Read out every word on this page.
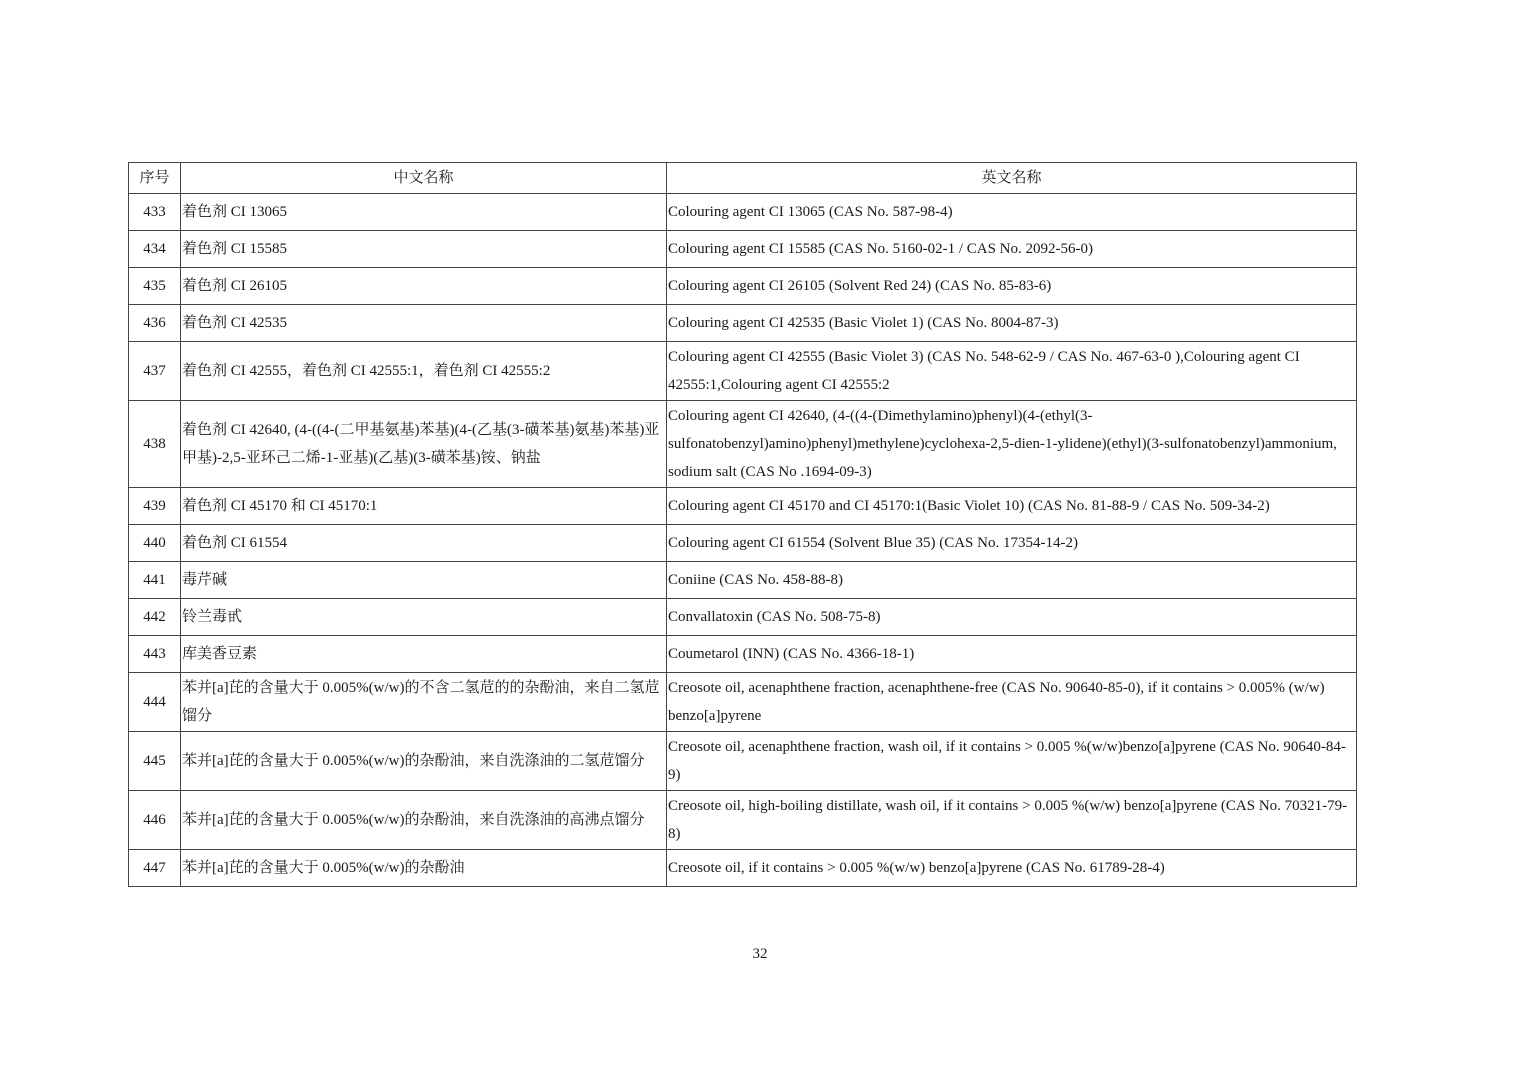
序号	中文名称	英文名称
433	着色剂 CI 13065	Colouring agent CI 13065 (CAS No. 587-98-4)
434	着色剂 CI 15585	Colouring agent CI 15585 (CAS No. 5160-02-1 / CAS No. 2092-56-0)
435	着色剂 CI 26105	Colouring agent CI 26105 (Solvent Red 24) (CAS No. 85-83-6)
436	着色剂 CI 42535	Colouring agent CI 42535 (Basic Violet 1) (CAS No. 8004-87-3)
437	着色剂 CI 42555，着色剂 CI 42555:1，着色剂 CI 42555:2	Colouring agent CI 42555 (Basic Violet 3) (CAS No. 548-62-9 / CAS No. 467-63-0 ),Colouring agent CI 42555:1,Colouring agent CI 42555:2
438	着色剂 CI 42640, (4-((4-(二甲基氨基)苯基)(4-(乙基(3-磺苯基)氨基)苯基)亚甲基)-2,5-亚环己二烯-1-亚基)(乙基)(3-磺苯基)铵、钠盐	Colouring agent CI 42640, (4-((4-(Dimethylamino)phenyl)(4-(ethyl(3-sulfonatobenzyl)amino)phenyl)methylene)cyclohexa-2,5-dien-1-ylidene)(ethyl)(3-sulfonatobenzyl)ammonium, sodium salt (CAS No .1694-09-3)
439	着色剂 CI 45170 和 CI 45170:1	Colouring agent CI 45170 and CI 45170:1(Basic Violet 10) (CAS No. 81-88-9 / CAS No. 509-34-2)
440	着色剂 CI 61554	Colouring agent CI 61554 (Solvent Blue 35) (CAS No. 17354-14-2)
441	毒芹碱	Coniine (CAS No. 458-88-8)
442	铃兰毒甙	Convallatoxin (CAS No. 508-75-8)
443	库美香豆素	Coumetarol (INN) (CAS No. 4366-18-1)
444	苯并[a]芘的含量大于 0.005%(w/w)的不含二氢苊的的杂酚油，来自二氢苊馏分	Creosote oil, acenaphthene fraction, acenaphthene-free (CAS No. 90640-85-0), if it contains > 0.005% (w/w) benzo[a]pyrene
445	苯并[a]芘的含量大于 0.005%(w/w)的杂酚油，来自洗涤油的二氢苊馏分	Creosote oil, acenaphthene fraction, wash oil, if it contains > 0.005 %(w/w)benzo[a]pyrene (CAS No. 90640-84-9)
446	苯并[a]芘的含量大于 0.005%(w/w)的杂酚油，来自洗涤油的高沸点馏分	Creosote oil, high-boiling distillate, wash oil, if it contains > 0.005 %(w/w) benzo[a]pyrene (CAS No. 70321-79-8)
447	苯并[a]芘的含量大于 0.005%(w/w)的杂酚油	Creosote oil, if it contains > 0.005 %(w/w) benzo[a]pyrene (CAS No. 61789-28-4)
32
